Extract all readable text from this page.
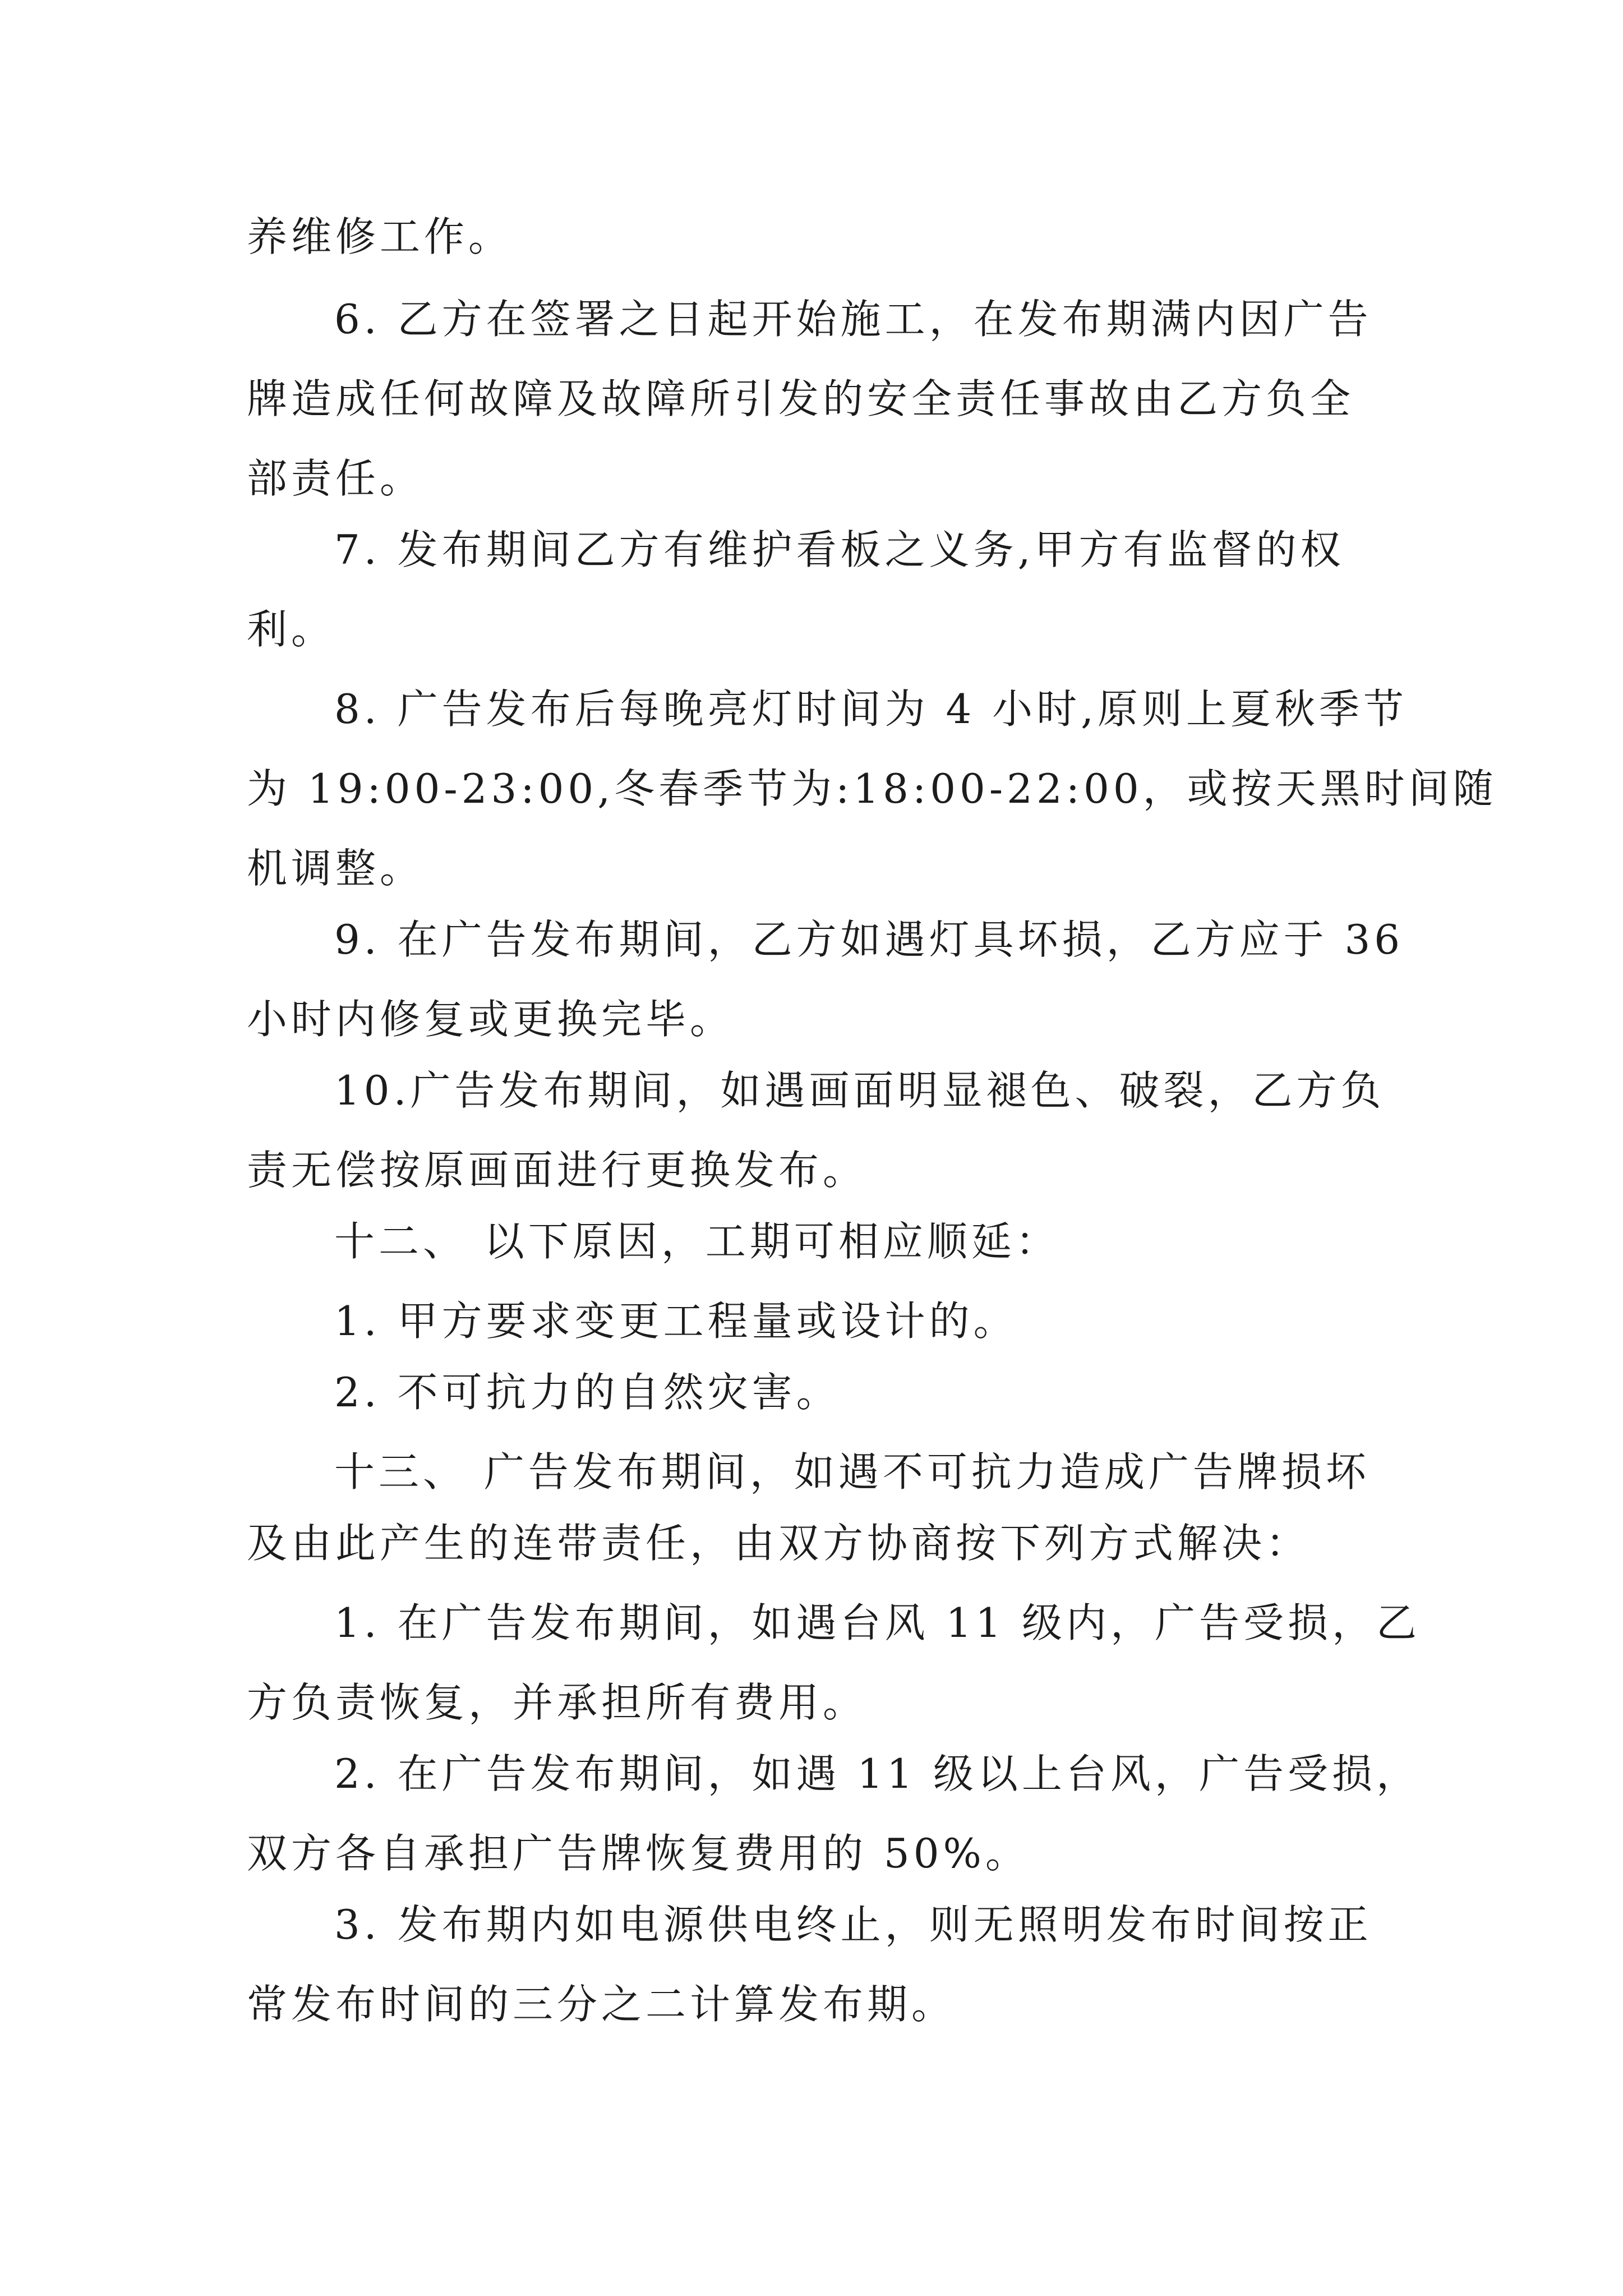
养维修工作。
6. 乙方在签署之日起开始施工，在发布期满内因广告
牌造成任何故障及故障所引发的安全责任事故由乙方负全
部责任。
7. 发布期间乙方有维护看板之义务,甲方有监督的权
利。
8. 广告发布后每晚亮灯时间为 4 小时,原则上夏秋季节
为 19:00-23:00,冬春季节为:18:00-22:00，或按天黑时间随
机调整。
9. 在广告发布期间，乙方如遇灯具坏损，乙方应于 36
小时内修复或更换完毕。
10.广告发布期间，如遇画面明显褪色、破裂，乙方负
责无偿按原画面进行更换发布。
十二、 以下原因，工期可相应顺延：
1. 甲方要求变更工程量或设计的。
2. 不可抗力的自然灾害。
十三、 广告发布期间，如遇不可抗力造成广告牌损坏
及由此产生的连带责任，由双方协商按下列方式解决：
1. 在广告发布期间，如遇台风 11 级内，广告受损，乙
方负责恢复，并承担所有费用。
2. 在广告发布期间，如遇 11 级以上台风，广告受损，
双方各自承担广告牌恢复费用的 50%。
3. 发布期内如电源供电终止，则无照明发布时间按正
常发布时间的三分之二计算发布期。
